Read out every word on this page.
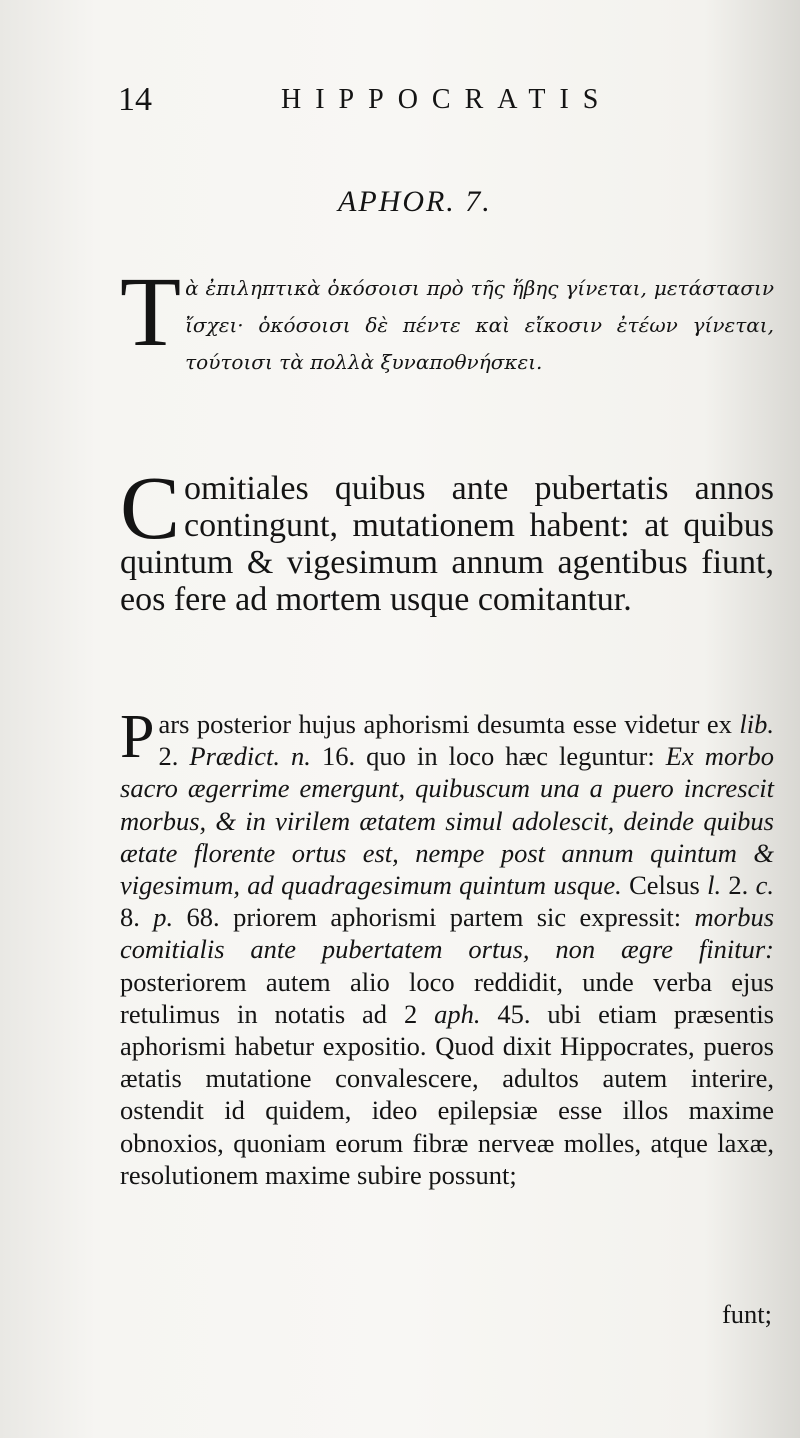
14	HIPPOCRATIS
APHOR. 7.
Tὰ ἐπιληπτικὰ ὁκόσοισι πρὸ τῆς ἥβης γίνεται, μετάστασιν ἴσχει· ὁκόσοισι δὲ πέντε καὶ εἴκοσιν ἐτέων γίνεται, τούτοισι τὰ πολλὰ ξυναποθνήσκει.
Comitiales quibus ante pubertatis annos contingunt, mutationem habent: at quibus quintum & vigesimum annum agentibus fiunt, eos fere ad mortem usque comitantur.
Pars posterior hujus aphorismi desumta esse videtur ex lib. 2. Prædict. n. 16. quo in loco hæc leguntur: Ex morbo sacro ægerrime emergunt, quibuscum una a puero increscit morbus, & in virilem ætatem simul adolescit, deinde quibus ætate florente ortus est, nempe post annum quintum & vigesimum, ad quadragesimum quintum usque. Celsus l. 2. c. 8. p. 68. priorem aphorismi partem sic expressit: morbus comitialis ante pubertatem ortus, non ægre finitur: posteriorem autem alio loco reddidit, unde verba ejus retulimus in notatis ad 2 aph. 45. ubi etiam præsentis aphorismi habetur expositio. Quod dixit Hippocrates, pueros ætatis mutatione convalescere, adultos autem interire, ostendit id quidem, ideo epilepsiæ esse illos maxime obnoxios, quoniam eorum fibræ nerveæ molles, atque laxæ, resolutionem maxime subire possunt;
funt;
